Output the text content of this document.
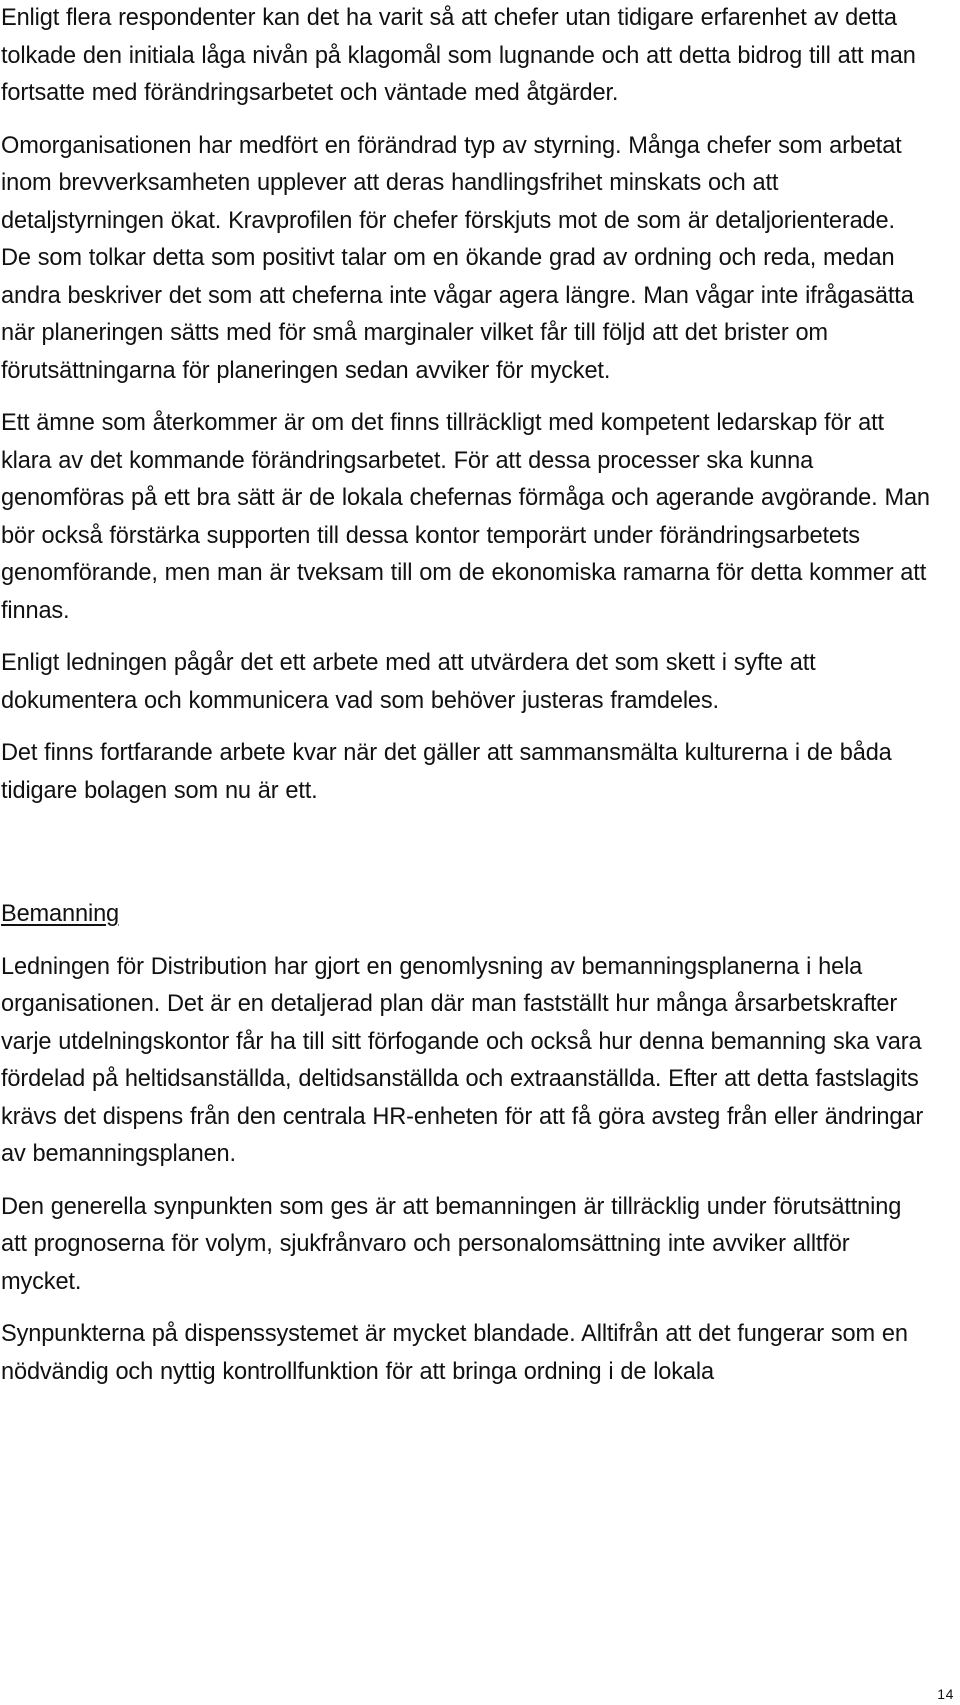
Enligt flera respondenter kan det ha varit så att chefer utan tidigare erfarenhet av detta tolkade den initiala låga nivån på klagomål som lugnande och att detta bidrog till att man fortsatte med förändringsarbetet och väntade med åtgärder.

Omorganisationen har medfört en förändrad typ av styrning. Många chefer som arbetat inom brevverksamheten upplever att deras handlingsfrihet minskats och att detaljstyrningen ökat. Kravprofilen för chefer förskjuts mot de som är detaljorienterade. De som tolkar detta som positivt talar om en ökande grad av ordning och reda, medan andra beskriver det som att cheferna inte vågar agera längre. Man vågar inte ifrågasätta när planeringen sätts med för små marginaler vilket får till följd att det brister om förutsättningarna för planeringen sedan avviker för mycket.

Ett ämne som återkommer är om det finns tillräckligt med kompetent ledarskap för att klara av det kommande förändringsarbetet. För att dessa processer ska kunna genomföras på ett bra sätt är de lokala chefernas förmåga och agerande avgörande. Man bör också förstärka supporten till dessa kontor temporärt under förändringsarbetets genomförande, men man är tveksam till om de ekonomiska ramarna för detta kommer att finnas.

Enligt ledningen pågår det ett arbete med att utvärdera det som skett i syfte att dokumentera och kommunicera vad som behöver justeras framdeles.

Det finns fortfarande arbete kvar när det gäller att sammansmälta kulturerna i de båda tidigare bolagen som nu är ett.

Bemanning

Ledningen för Distribution har gjort en genomlysning av bemanningsplanerna i hela organisationen. Det är en detaljerad plan där man fastställt hur många årsarbetskrafter varje utdelningskontor får ha till sitt förfogande och också hur denna bemanning ska vara fördelad på heltidsanställda, deltidsanställda och extraanställda. Efter att detta fastslagits krävs det dispens från den centrala HR-enheten för att få göra avsteg från eller ändringar av bemanningsplanen.

Den generella synpunkten som ges är att bemanningen är tillräcklig under förutsättning att prognoserna för volym, sjukfrånvaro och personalomsättning inte avviker alltför mycket.

Synpunkterna på dispenssystemet är mycket blandade. Alltifrån att det fungerar som en nödvändig och nyttig kontrollfunktion för att bringa ordning i de lokala

14
